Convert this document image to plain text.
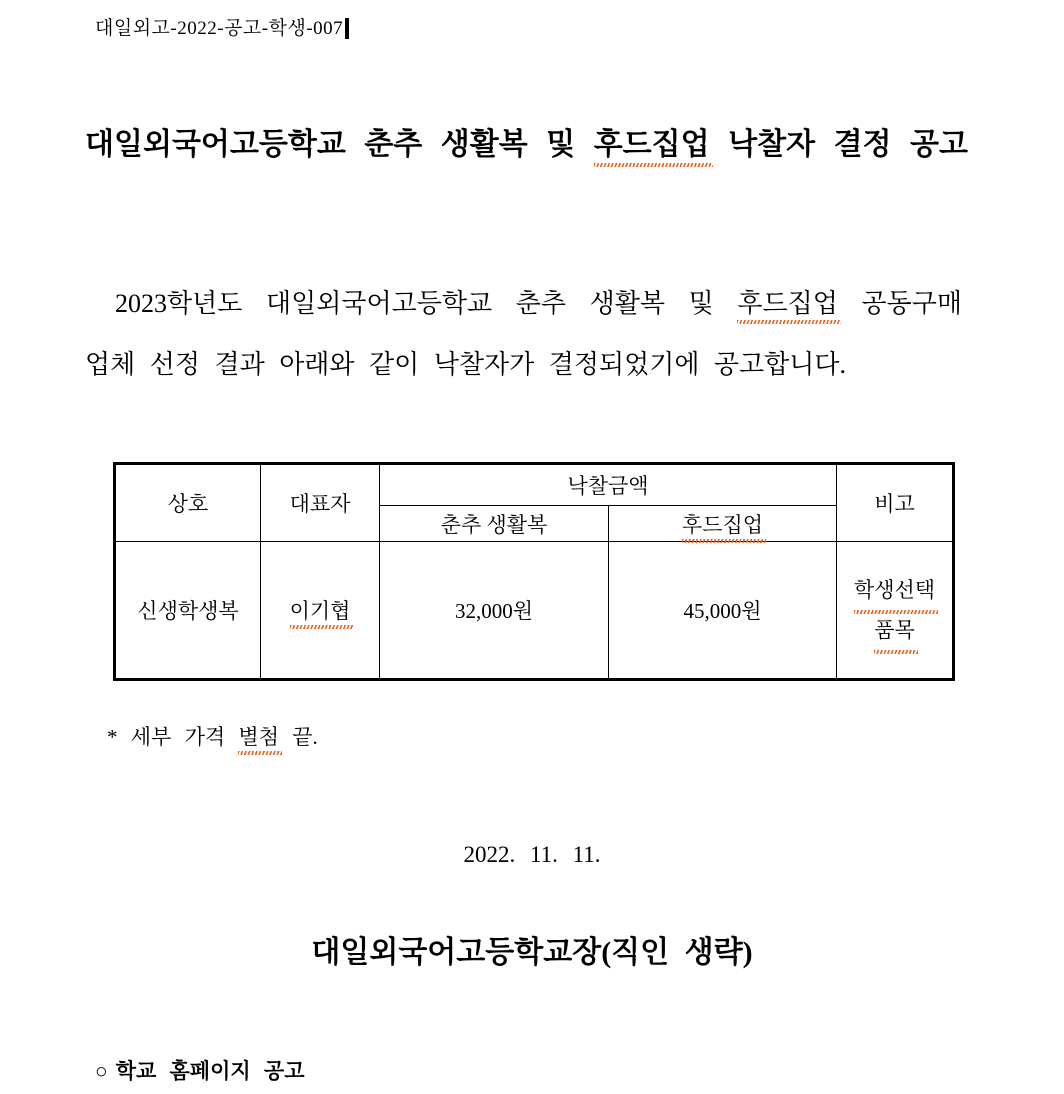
대일외고-2022-공고-학생-007
대일외국어고등학교 춘추 생활복 및 후드집업 낙찰자 결정 공고
2023학년도 대일외국어고등학교 춘추 생활복 및 후드집업 공동구매
업체 선정 결과 아래와 같이 낙찰자가 결정되었기에 공고합니다.
상호	대표자	낙찰금액		비고
		춘추 생활복	후드집업	
신생학생복	이기협	32,000원	45,000원	학생선택
품목
* 세부 가격 별첨 끝.
2022. 11. 11.
대일외국어고등학교장(직인 생략)
○ 학교 홈페이지 공고
